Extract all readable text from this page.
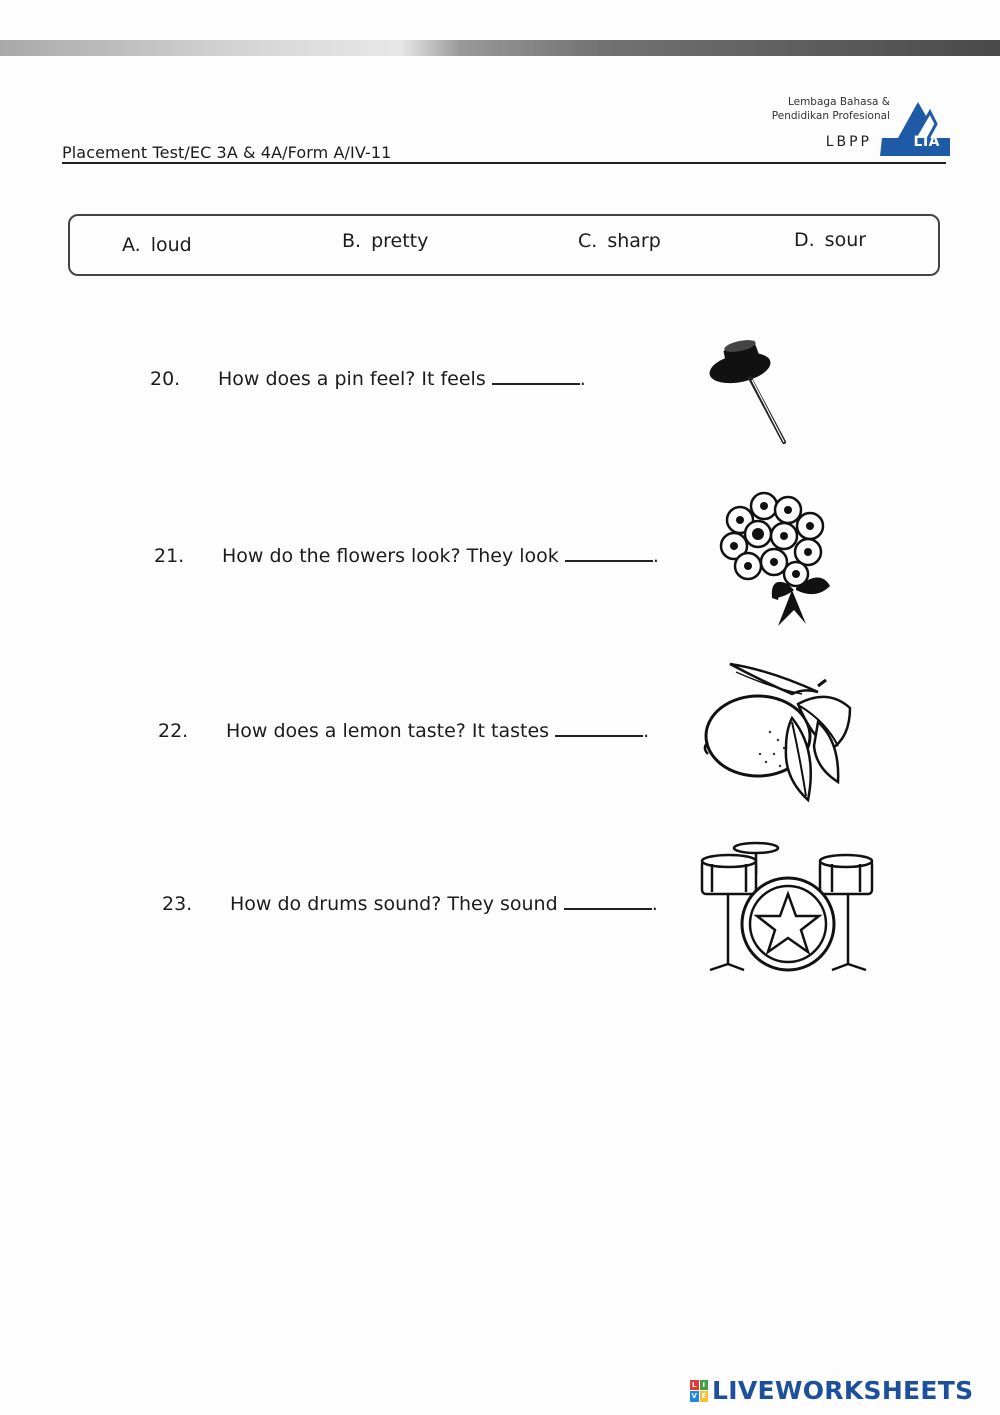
Placement Test/EC 3A & 4A/Form A/IV-11
Lembaga Bahasa &
Pendidikan Profesional
LBPP	LIA
A. loud	B. pretty	C. sharp	D. sour
20. How does a pin feel? It feels	.
21. How do the flowers look? They look	.
22. How does a lemon taste? It tastes	.
23. How do drums sound? They sound	.
L I
V E LIVEWORKSHEETS
